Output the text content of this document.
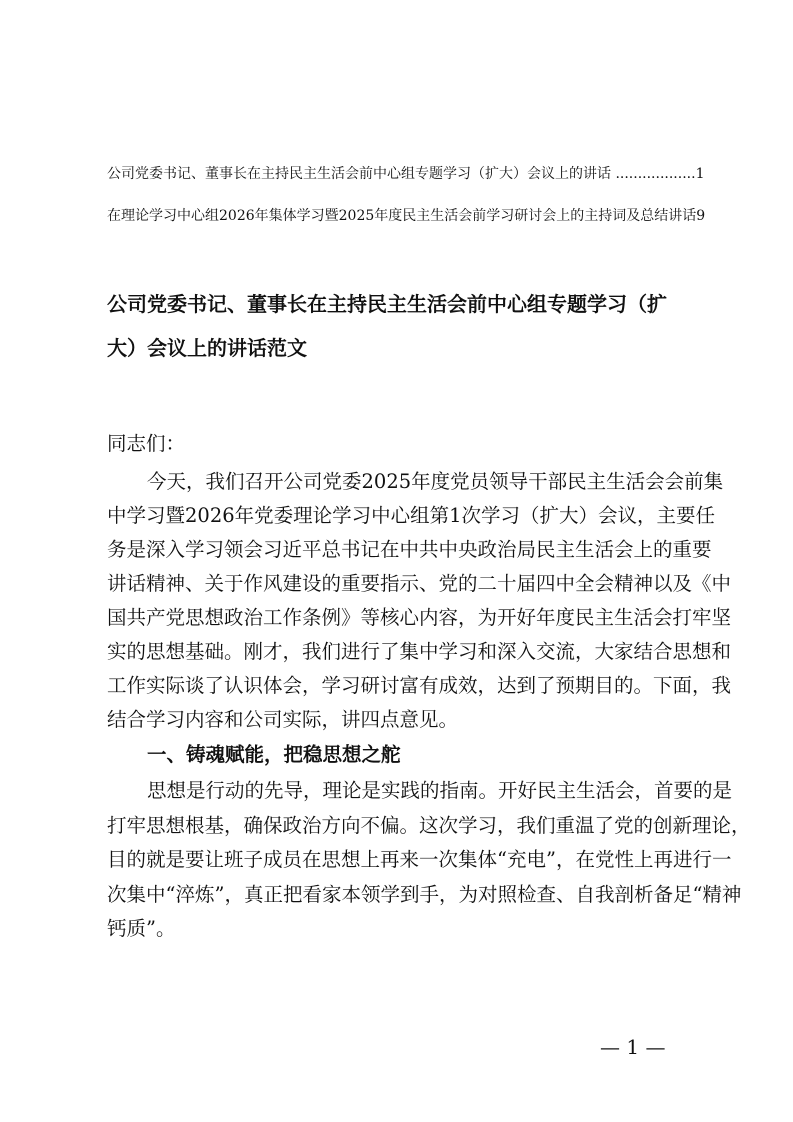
公司党委书记、董事长在主持民主生活会前中心组专题学习（扩大）会议上的讲话 ..................1
在理论学习中心组2026年集体学习暨2025年度民主生活会前学习研讨会上的主持词及总结讲话9
公司党委书记、董事长在主持民主生活会前中心组专题学习（扩
大）会议上的讲话范文
同志们：
今天，我们召开公司党委2025年度党员领导干部民主生活会会前集
中学习暨2026年党委理论学习中心组第1次学习（扩大）会议，主要任
务是深入学习领会习近平总书记在中共中央政治局民主生活会上的重要
讲话精神、关于作风建设的重要指示、党的二十届四中全会精神以及《中
国共产党思想政治工作条例》等核心内容，为开好年度民主生活会打牢坚
实的思想基础。刚才，我们进行了集中学习和深入交流，大家结合思想和
工作实际谈了认识体会，学习研讨富有成效，达到了预期目的。下面，我
结合学习内容和公司实际，讲四点意见。
一、铸魂赋能，把稳思想之舵
思想是行动的先导，理论是实践的指南。开好民主生活会，首要的是
打牢思想根基，确保政治方向不偏。这次学习，我们重温了党的创新理论，
目的就是要让班子成员在思想上再来一次集体“充电”，在党性上再进行一
次集中“淬炼”，真正把看家本领学到手，为对照检查、自我剖析备足“精神
钙质”。
— 1 —
